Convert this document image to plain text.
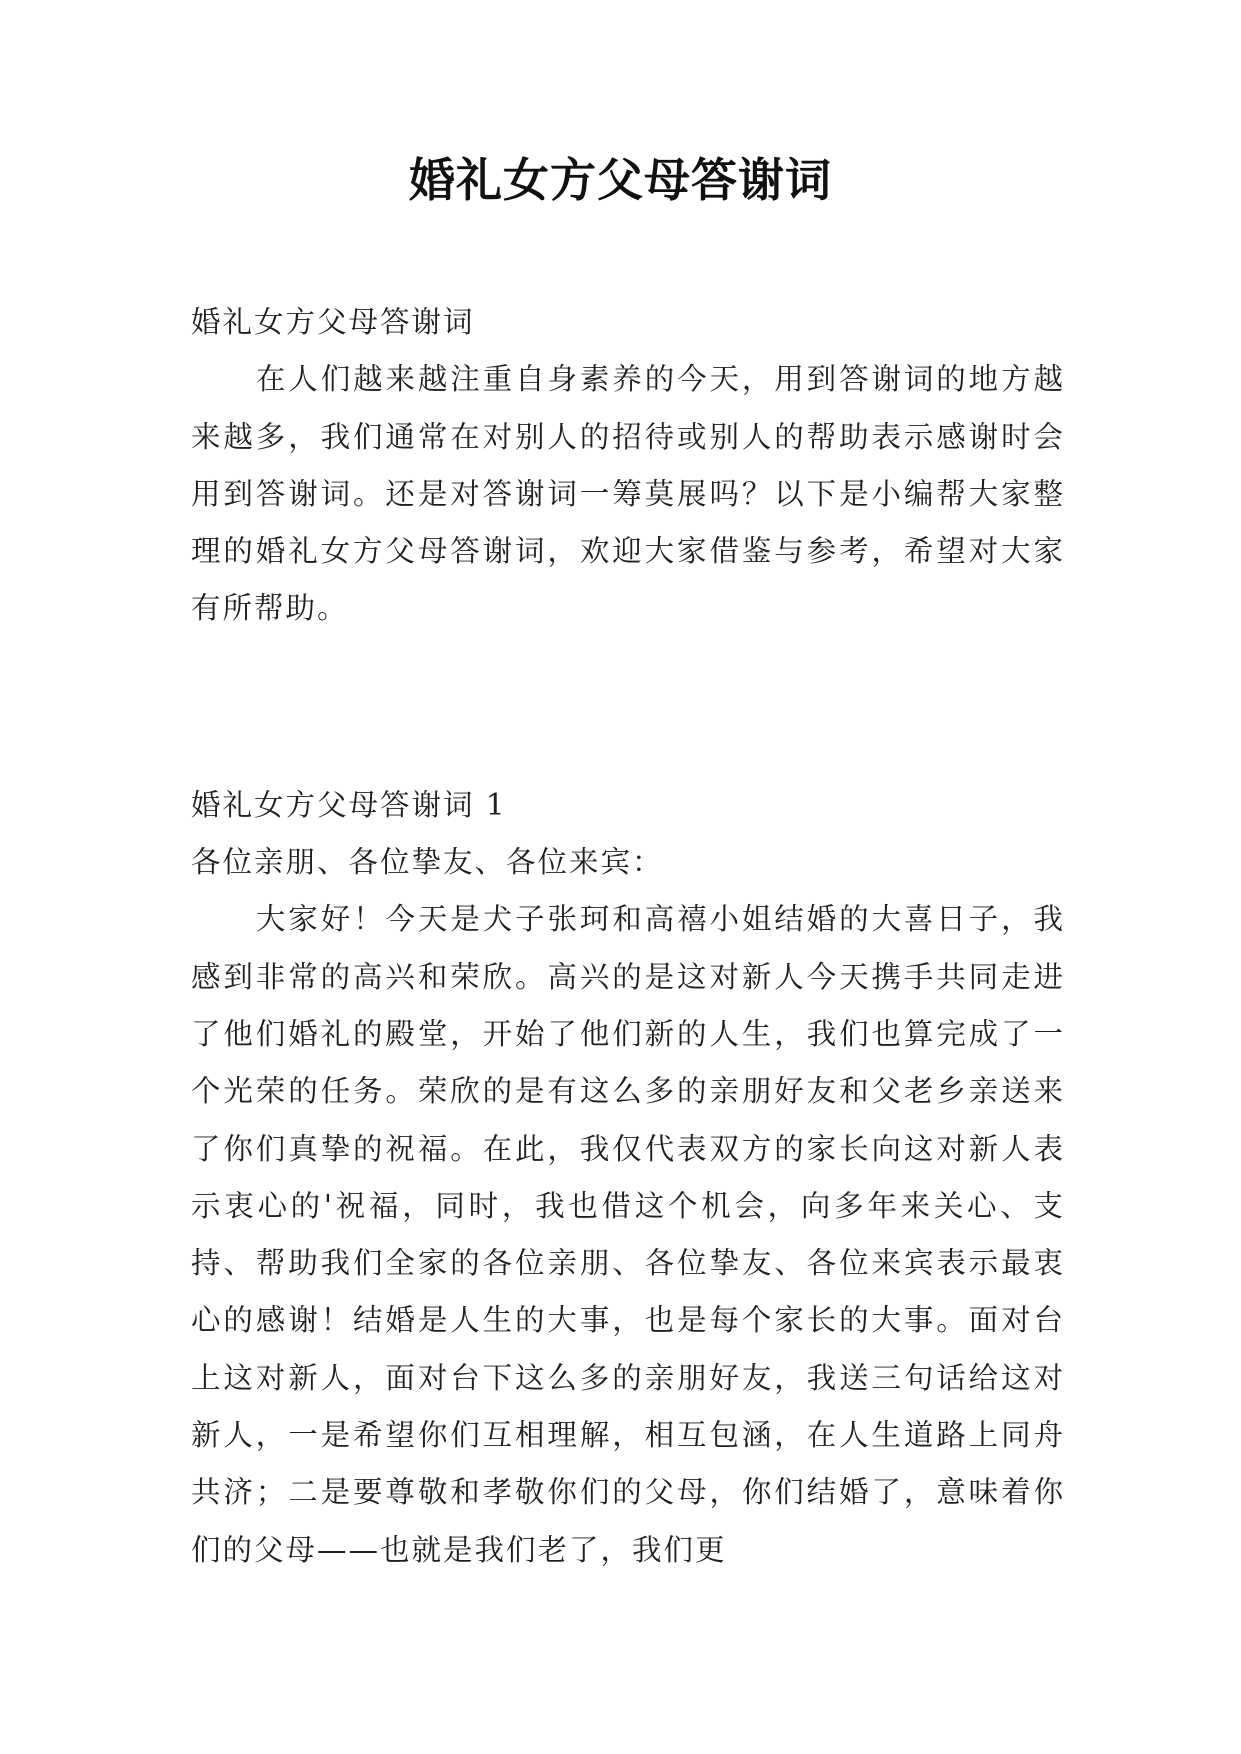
婚礼女方父母答谢词

婚礼女方父母答谢词

在人们越来越注重自身素养的今天，用到答谢词的地方越来越多，我们通常在对别人的招待或别人的帮助表示感谢时会用到答谢词。还是对答谢词一筹莫展吗？以下是小编帮大家整理的婚礼女方父母答谢词，欢迎大家借鉴与参考，希望对大家有所帮助。

婚礼女方父母答谢词 1

各位亲朋、各位挚友、各位来宾：

大家好！今天是犬子张珂和高禧小姐结婚的大喜日子，我感到非常的高兴和荣欣。高兴的是这对新人今天携手共同走进了他们婚礼的殿堂，开始了他们新的人生，我们也算完成了一个光荣的任务。荣欣的是有这么多的亲朋好友和父老乡亲送来了你们真挚的祝福。在此，我仅代表双方的家长向这对新人表示衷心的'祝福，同时，我也借这个机会，向多年来关心、支持、帮助我们全家的各位亲朋、各位挚友、各位来宾表示最衷心的感谢！结婚是人生的大事，也是每个家长的大事。面对台上这对新人，面对台下这么多的亲朋好友，我送三句话给这对新人，一是希望你们互相理解，相互包涵，在人生道路上同舟共济；二是要尊敬和孝敬你们的父母，你们结婚了，意味着你们的父母——也就是我们老了，我们更
